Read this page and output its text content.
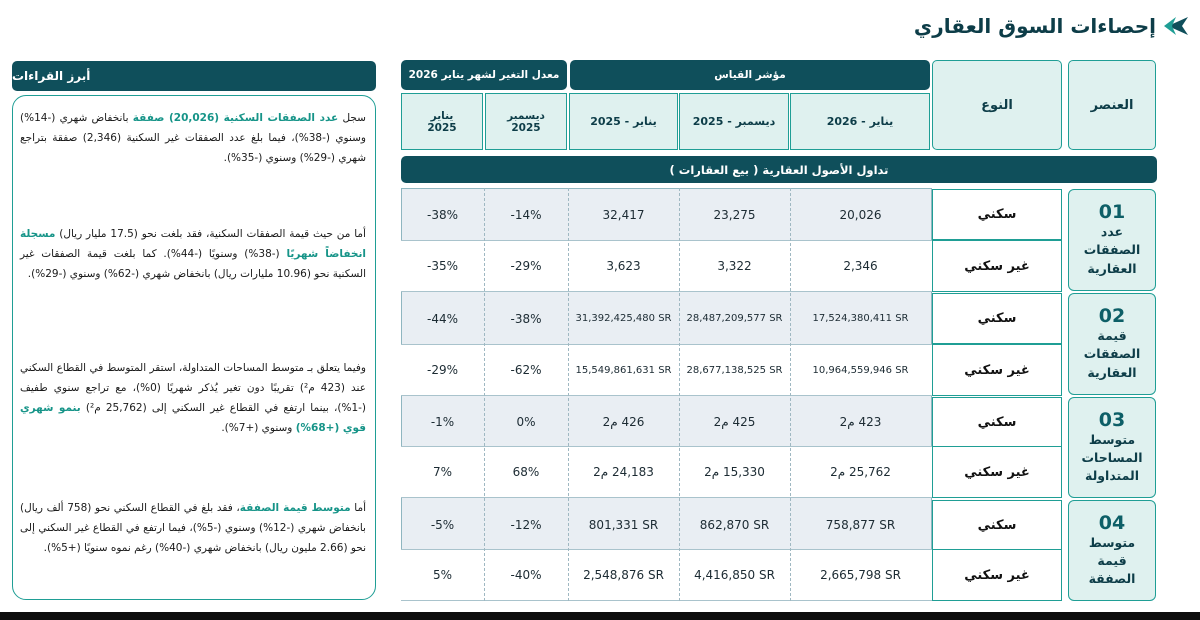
إحصاءات السوق العقاري
العنصر
النوع
مؤشر القياس
معدل التغير لشهر يناير 2026
يناير - 2026
ديسمبر - 2025
يناير - 2025
ديسمبر 2025
يناير 2025
تداول الأصول العقارية ( بيع العقارات )
01
عدد الصفقات العقارية
02
قيمة الصفقات العقارية
03
متوسط المساحات المتداولة
04
متوسط قيمة الصفقة
سكني
غير سكني
سكني
غير سكني
سكني
غير سكني
سكني
غير سكني
20,026
23,275
32,417
-14%
-38%
2,346
3,322
3,623
-29%
-35%
17,524,380,411 SR
28,487,209,577 SR
31,392,425,480 SR
-38%
-44%
10,964,559,946 SR
28,677,138,525 SR
15,549,861,631 SR
-62%
-29%
423 م2
425 م2
426 م2
0%
-1%
25,762 م2
15,330 م2
24,183 م2
68%
7%
758,877 SR
862,870 SR
801,331 SR
-12%
-5%
2,665,798 SR
4,416,850 SR
2,548,876 SR
-40%
5%
أبرز القراءات

سجل عدد الصفقات السكنية (20,026) صفقة بانخفاض شهري (-14%) وسنوي (-38%)، فيما بلغ عدد الصفقات غير السكنية (2,346) صفقة بتراجع شهري (-29%) وسنوي (-35%).

أما من حيث قيمة الصفقات السكنية، فقد بلغت نحو (17.5 مليار ريال) مسجلة انخفاضاً شهريًا (-38%) وسنويًا (-44%). كما بلغت قيمة الصفقات غير السكنية نحو (10.96 مليارات ريال) بانخفاض شهري (-62%) وسنوي (-29%).

وفيما يتعلق بـ متوسط المساحات المتداولة، استقر المتوسط في القطاع السكني عند (423 م²) تقريبًا دون تغير يُذكر شهريًا (0%)، مع تراجع سنوي طفيف (-1%)، بينما ارتفع في القطاع غير السكني إلى (25,762 م²) بنمو شهري قوي (+68%) وسنوي (+7%).

أما متوسط قيمة الصفقة، فقد بلغ في القطاع السكني نحو (758 ألف ريال) بانخفاض شهري (-12%) وسنوي (-5%)، فيما ارتفع في القطاع غير السكني إلى نحو (2.66 مليون ريال) بانخفاض شهري (-40%) رغم نموه سنويًا (+5%).
